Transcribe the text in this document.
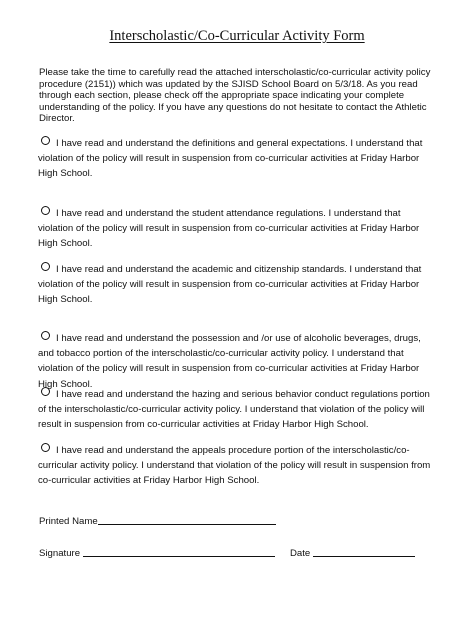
Interscholastic/Co-Curricular Activity Form
Please take the time to carefully read the attached interscholastic/co-curricular activity policy procedure (2151)) which was updated by the SJISD School Board on 5/3/18. As you read through each section, please check off the appropriate space indicating your complete understanding of the policy. If you have any questions do not hesitate to contact the Athletic Director.
I have read and understand the definitions and general expectations. I understand that violation of the policy will result in suspension from co-curricular activities at Friday Harbor High School.
I have read and understand the student attendance regulations. I understand that violation of the policy will result in suspension from co-curricular activities at Friday Harbor High School.
I have read and understand the academic and citizenship standards. I understand that violation of the policy will result in suspension from co-curricular activities at Friday Harbor High School.
I have read and understand the possession and /or use of alcoholic beverages, drugs, and tobacco portion of the interscholastic/co-curricular activity policy. I understand that violation of the policy will result in suspension from co-curricular activities at Friday Harbor High School.
I have read and understand the hazing and serious behavior conduct regulations portion of the interscholastic/co-curricular activity policy. I understand that violation of the policy will result in suspension from co-curricular activities at Friday Harbor High School.
I have read and understand the appeals procedure portion of the interscholastic/co-curricular activity policy. I understand that violation of the policy will result in suspension from co-curricular activities at Friday Harbor High School.
Printed Name
Signature	Date
